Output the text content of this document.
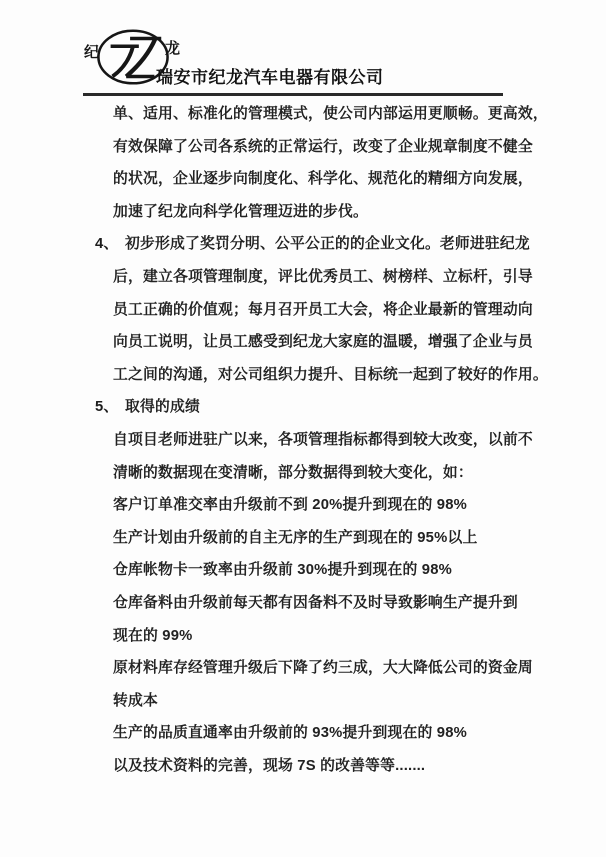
纪	龙
瑞安市纪龙汽车电器有限公司
单、适用、标准化的管理模式，使公司内部运用更顺畅。更高效，
有效保障了公司各系统的正常运行，改变了企业规章制度不健全
的状况，企业逐步向制度化、科学化、规范化的精细方向发展，
加速了纪龙向科学化管理迈进的步伐。
4、 初步形成了奖罚分明、公平公正的的企业文化。老师进驻纪龙
后，建立各项管理制度，评比优秀员工、树榜样、立标杆，引导
员工正确的价值观；每月召开员工大会，将企业最新的管理动向
向员工说明，让员工感受到纪龙大家庭的温暖，增强了企业与员
工之间的沟通，对公司组织力提升、目标统一起到了较好的作用。
5、 取得的成绩
自项目老师进驻广以来，各项管理指标都得到较大改变，以前不
清晰的数据现在变清晰，部分数据得到较大变化，如：
客户订单准交率由升级前不到 20%提升到现在的 98%
生产计划由升级前的自主无序的生产到现在的 95%以上
仓库帐物卡一致率由升级前 30%提升到现在的 98%
仓库备料由升级前每天都有因备料不及时导致影响生产提升到
现在的 99%
原材料库存经管理升级后下降了约三成，大大降低公司的资金周
转成本
生产的品质直通率由升级前的 93%提升到现在的 98%
以及技术资料的完善，现场 7S 的改善等等.......
